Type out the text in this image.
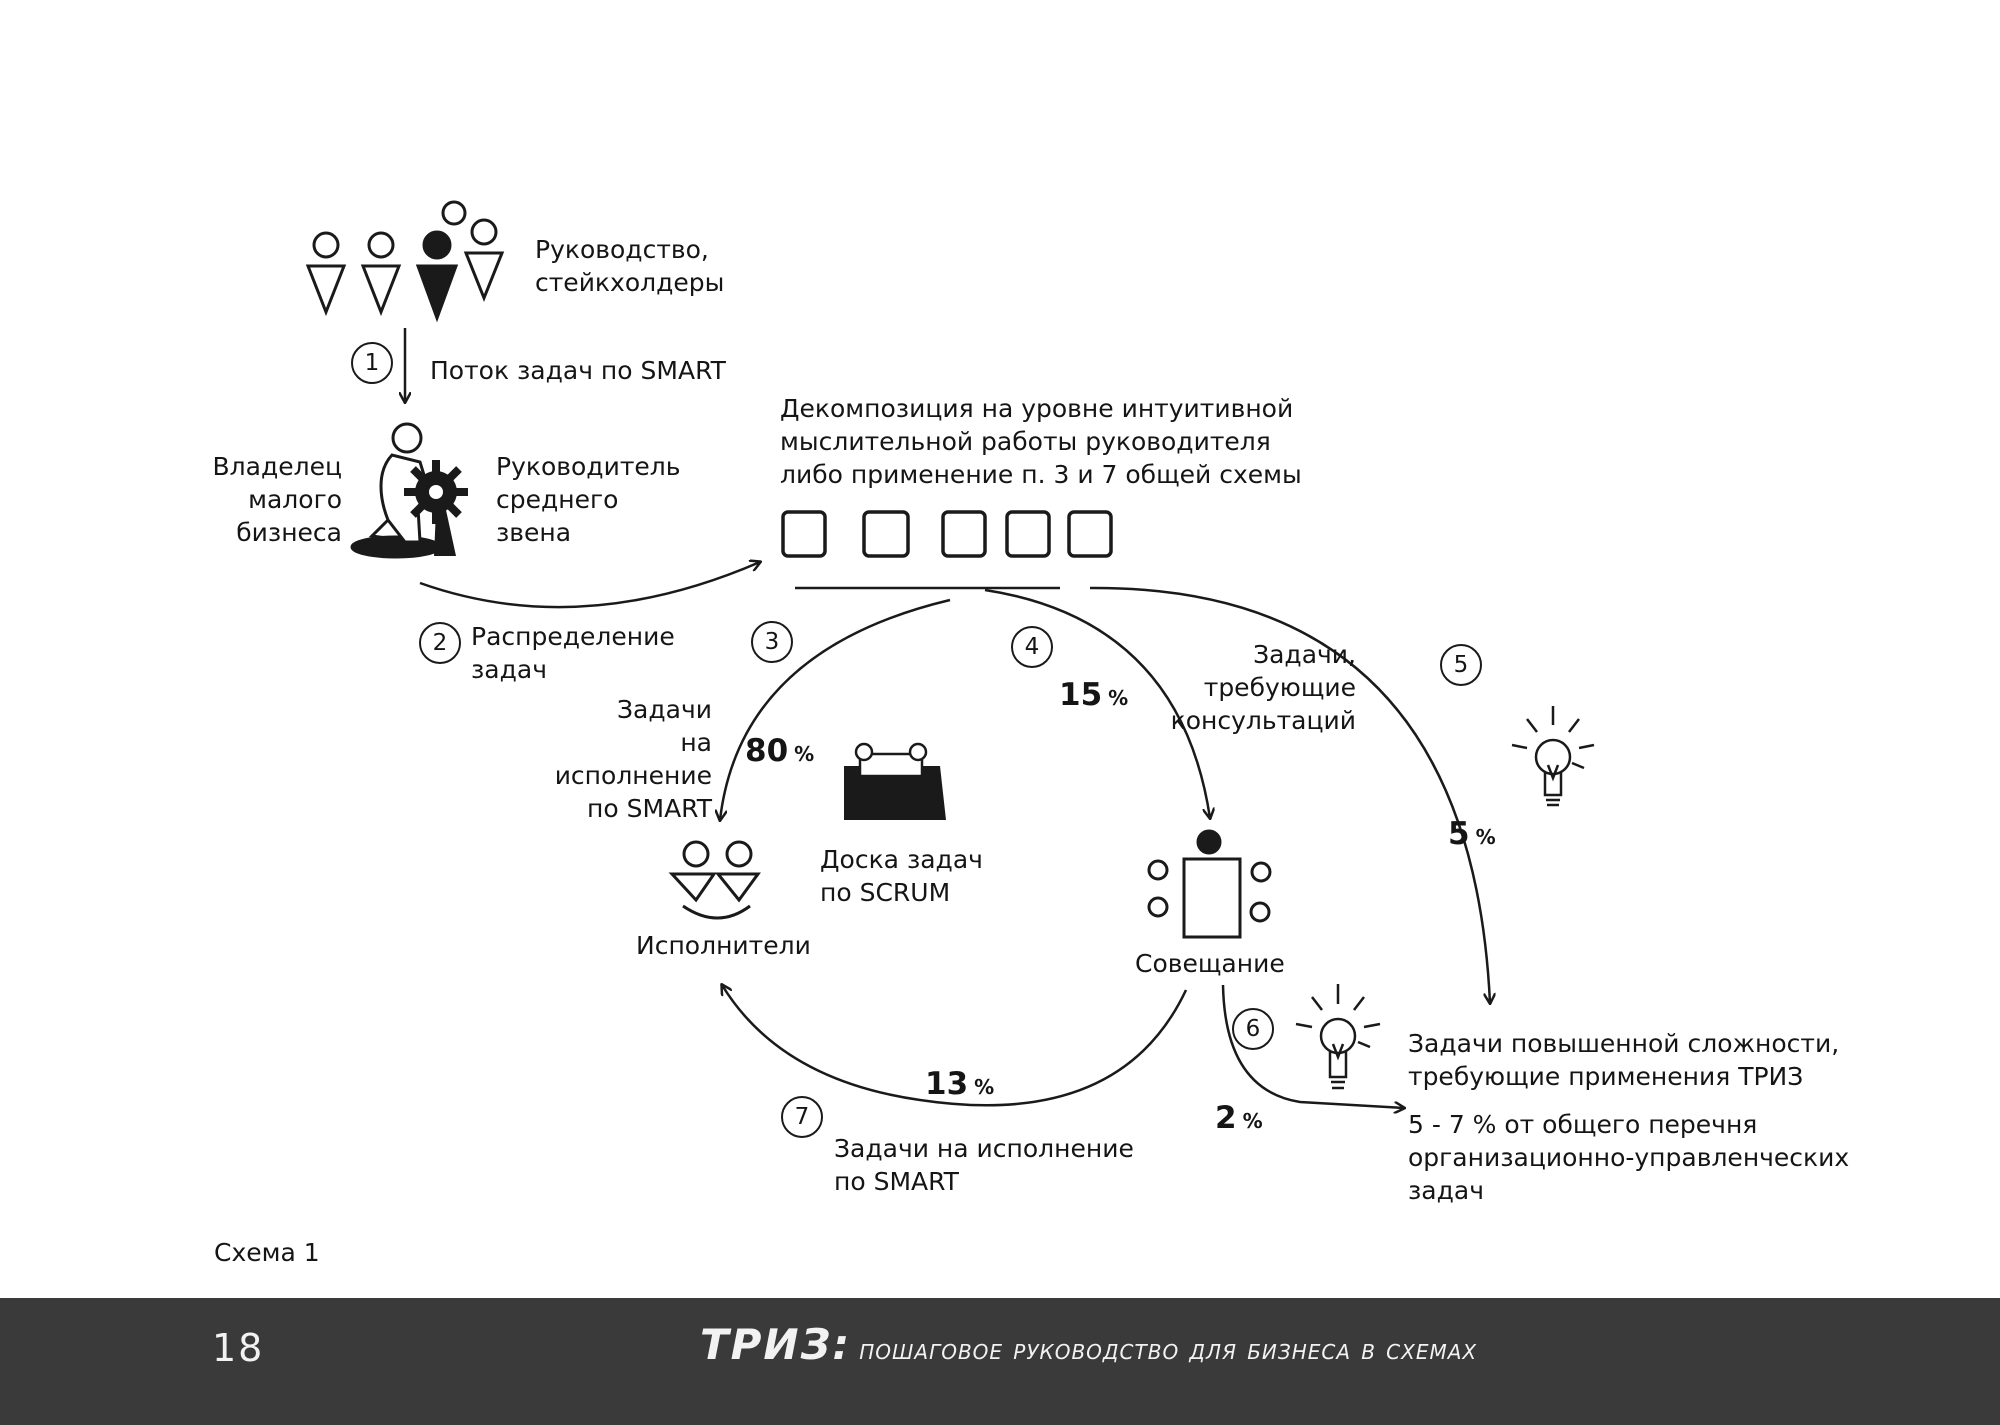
1
2	3	4
5
6
7
Руководство,
стейкхолдеры
Поток задач по SMART
Владелец
малого
бизнеса
Руководитель
среднего
звена
Декомпозиция на уровне интуитивной
мыслительной работы руководителя
либо применение п. 3 и 7 общей схемы
Распределение
задач
Задачи
на исполнение
по SMART
Задачи,
требующие
консультаций
Доска задач
по SCRUM
Исполнители
Совещание
Задачи повышенной сложности,
требующие применения ТРИЗ
5 - 7 % от общего перечня
организационно-управленческих
задач
Задачи на исполнение
по SMART
Схема 1
80 %
15 %
5 %
13 %
2 %
18	ТРИЗ: пошаговое руководство для бизнеса в схемах
